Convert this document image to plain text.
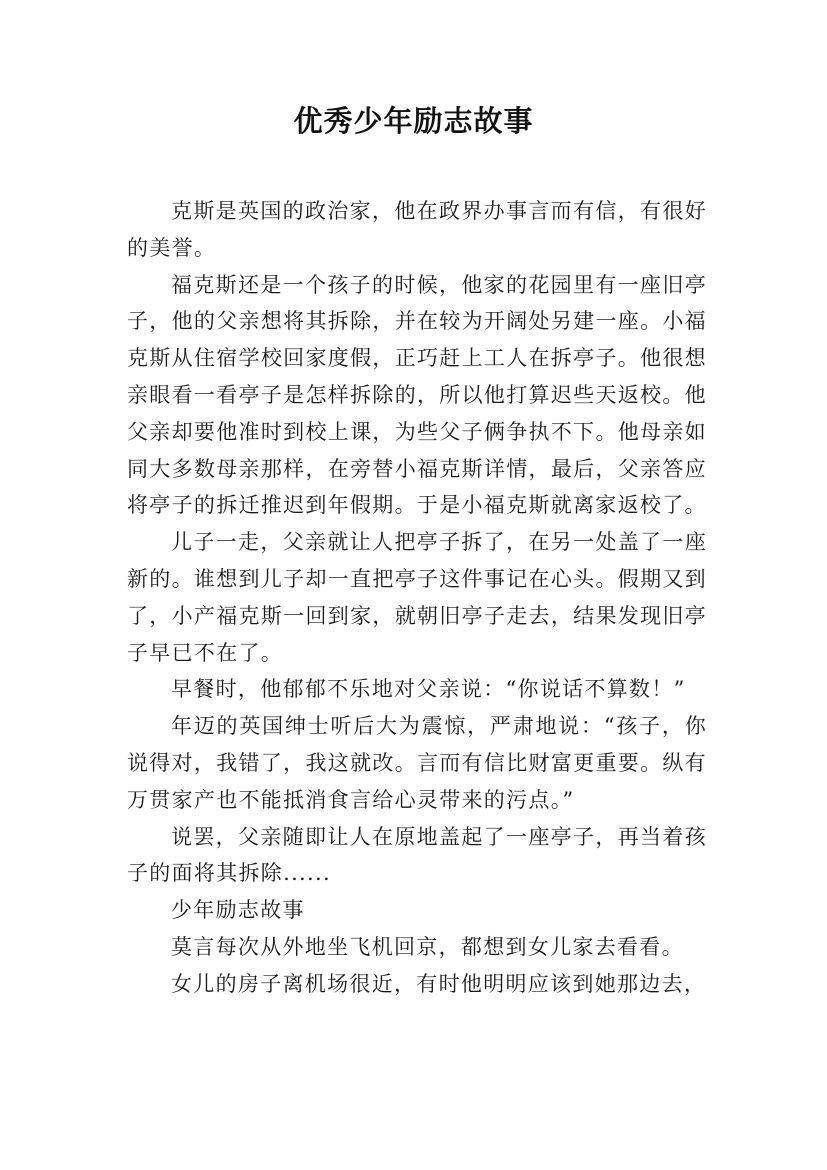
优秀少年励志故事

克斯是英国的政治家，他在政界办事言而有信，有很好的美誉。

福克斯还是一个孩子的时候，他家的花园里有一座旧亭子，他的父亲想将其拆除，并在较为开阔处另建一座。小福克斯从住宿学校回家度假，正巧赶上工人在拆亭子。他很想亲眼看一看亭子是怎样拆除的，所以他打算迟些天返校。他父亲却要他准时到校上课，为些父子俩争执不下。他母亲如同大多数母亲那样，在旁替小福克斯详情，最后，父亲答应将亭子的拆迁推迟到年假期。于是小福克斯就离家返校了。

儿子一走，父亲就让人把亭子拆了，在另一处盖了一座新的。谁想到儿子却一直把亭子这件事记在心头。假期又到了，小产福克斯一回到家，就朝旧亭子走去，结果发现旧亭子早已不在了。

早餐时，他郁郁不乐地对父亲说：“你说话不算数！”

年迈的英国绅士听后大为震惊，严肃地说：“孩子，你说得对，我错了，我这就改。言而有信比财富更重要。纵有万贯家产也不能抵消食言给心灵带来的污点。”

说罢，父亲随即让人在原地盖起了一座亭子，再当着孩子的面将其拆除......

少年励志故事

莫言每次从外地坐飞机回京，都想到女儿家去看看。

女儿的房子离机场很近，有时他明明应该到她那边去，
